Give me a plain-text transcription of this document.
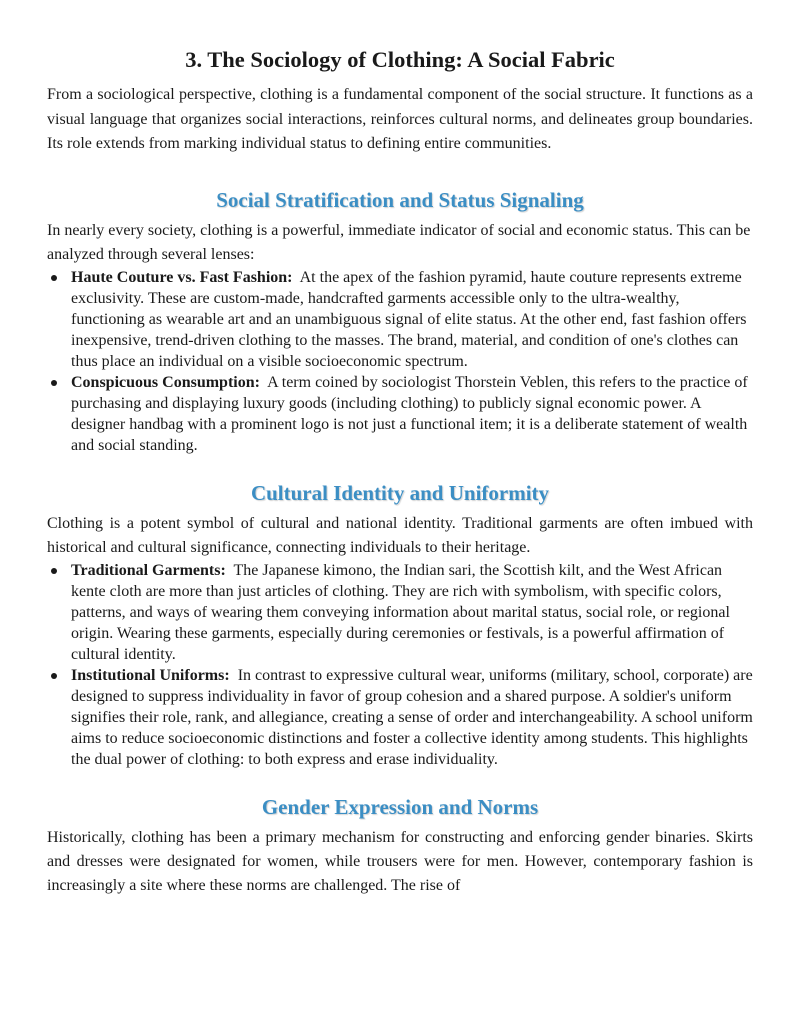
3. The Sociology of Clothing: A Social Fabric

From a sociological perspective, clothing is a fundamental component of the social structure. It functions as a visual language that organizes social interactions, reinforces cultural norms, and delineates group boundaries. Its role extends from marking individual status to defining entire communities.

Social Stratification and Status Signaling

In nearly every society, clothing is a powerful, immediate indicator of social and economic status. This can be analyzed through several lenses:

Haute Couture vs. Fast Fashion: At the apex of the fashion pyramid, haute couture represents extreme exclusivity. These are custom-made, handcrafted garments accessible only to the ultra-wealthy, functioning as wearable art and an unambiguous signal of elite status. At the other end, fast fashion offers inexpensive, trend-driven clothing to the masses. The brand, material, and condition of one's clothes can thus place an individual on a visible socioeconomic spectrum.
Conspicuous Consumption: A term coined by sociologist Thorstein Veblen, this refers to the practice of purchasing and displaying luxury goods (including clothing) to publicly signal economic power. A designer handbag with a prominent logo is not just a functional item; it is a deliberate statement of wealth and social standing.
Cultural Identity and Uniformity

Clothing is a potent symbol of cultural and national identity. Traditional garments are often imbued with historical and cultural significance, connecting individuals to their heritage.

Traditional Garments: The Japanese kimono, the Indian sari, the Scottish kilt, and the West African kente cloth are more than just articles of clothing. They are rich with symbolism, with specific colors, patterns, and ways of wearing them conveying information about marital status, social role, or regional origin. Wearing these garments, especially during ceremonies or festivals, is a powerful affirmation of cultural identity.
Institutional Uniforms: In contrast to expressive cultural wear, uniforms (military, school, corporate) are designed to suppress individuality in favor of group cohesion and a shared purpose. A soldier's uniform signifies their role, rank, and allegiance, creating a sense of order and interchangeability. A school uniform aims to reduce socioeconomic distinctions and foster a collective identity among students. This highlights the dual power of clothing: to both express and erase individuality.
Gender Expression and Norms

Historically, clothing has been a primary mechanism for constructing and enforcing gender binaries. Skirts and dresses were designated for women, while trousers were for men. However, contemporary fashion is increasingly a site where these norms are challenged. The rise of
